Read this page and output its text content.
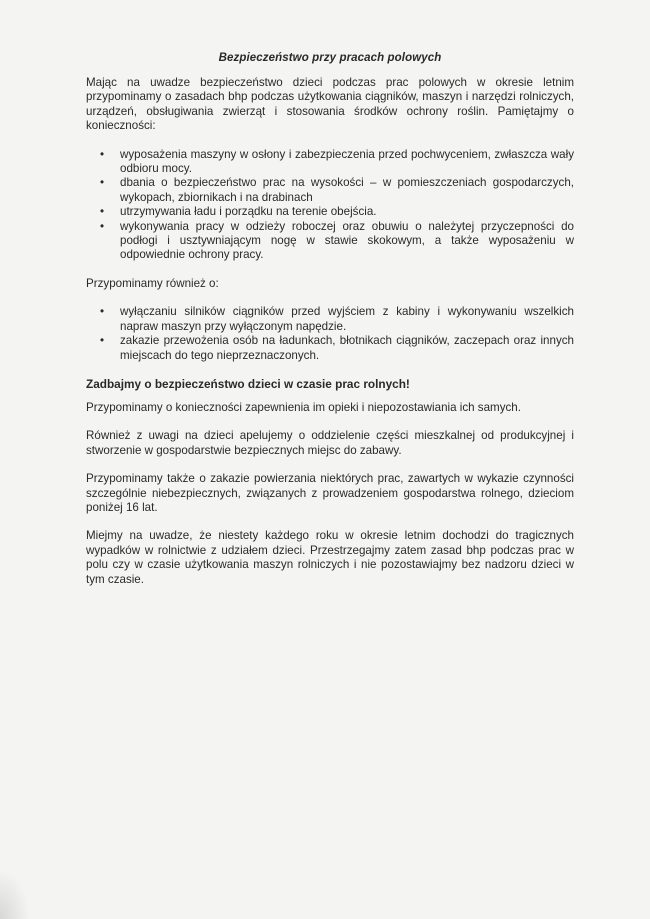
Bezpieczeństwo przy pracach polowych

Mając na uwadze bezpieczeństwo dzieci podczas prac polowych w okresie letnim przypominamy o zasadach bhp podczas użytkowania ciągników, maszyn i narzędzi rolniczych, urządzeń, obsługiwania zwierząt i stosowania środków ochrony roślin. Pamiętajmy o konieczności:

• wyposażenia maszyny w osłony i zabezpieczenia przed pochwyceniem, zwłaszcza wały odbioru mocy.
• dbania o bezpieczeństwo prac na wysokości – w pomieszczeniach gospodarczych, wykopach, zbiornikach i na drabinach
• utrzymywania ładu i porządku na terenie obejścia.
• wykonywania pracy w odzieży roboczej oraz obuwiu o należytej przyczepności do podłogi i usztywniającym nogę w stawie skokowym, a także wyposażeniu w odpowiednie ochrony pracy.

Przypominamy również o:

• wyłączaniu silników ciągników przed wyjściem z kabiny i wykonywaniu wszelkich napraw maszyn przy wyłączonym napędzie.
• zakazie przewożenia osób na ładunkach, błotnikach ciągników, zaczepach oraz innych miejscach do tego nieprzeznaczonych.
Zadbajmy o bezpieczeństwo dzieci w czasie prac rolnych!

Przypominamy o konieczności zapewnienia im opieki i niepozostawiania ich samych.

Również z uwagi na dzieci apelujemy o oddzielenie części mieszkalnej od produkcyjnej i stworzenie w gospodarstwie bezpiecznych miejsc do zabawy.

Przypominamy także o zakazie powierzania niektórych prac, zawartych w wykazie czynności szczególnie niebezpiecznych, związanych z prowadzeniem gospodarstwa rolnego, dzieciom poniżej 16 lat.

Miejmy na uwadze, że niestety każdego roku w okresie letnim dochodzi do tragicznych wypadków w rolnictwie z udziałem dzieci. Przestrzegajmy zatem zasad bhp podczas prac w polu czy w czasie użytkowania maszyn rolniczych i nie pozostawiajmy bez nadzoru dzieci w tym czasie.
